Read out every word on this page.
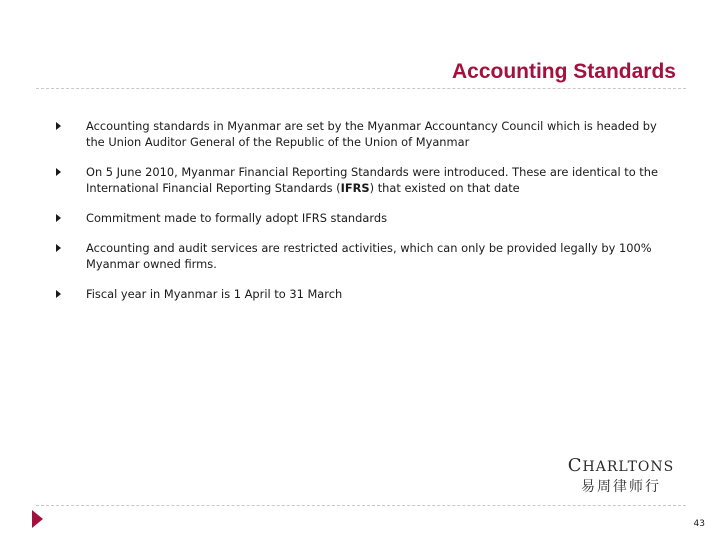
Accounting Standards
Accounting standards in Myanmar are set by the Myanmar Accountancy Council which is headed by the Union Auditor General of the Republic of the Union of Myanmar
On 5 June 2010, Myanmar Financial Reporting Standards were introduced. These are identical to the International Financial Reporting Standards (IFRS) that existed on that date
Commitment made to formally adopt IFRS standards
Accounting and audit services are restricted activities, which can only be provided legally by 100% Myanmar owned firms.
Fiscal year in Myanmar is 1 April to 31 March
CHARLTONS
易周律师行
43
